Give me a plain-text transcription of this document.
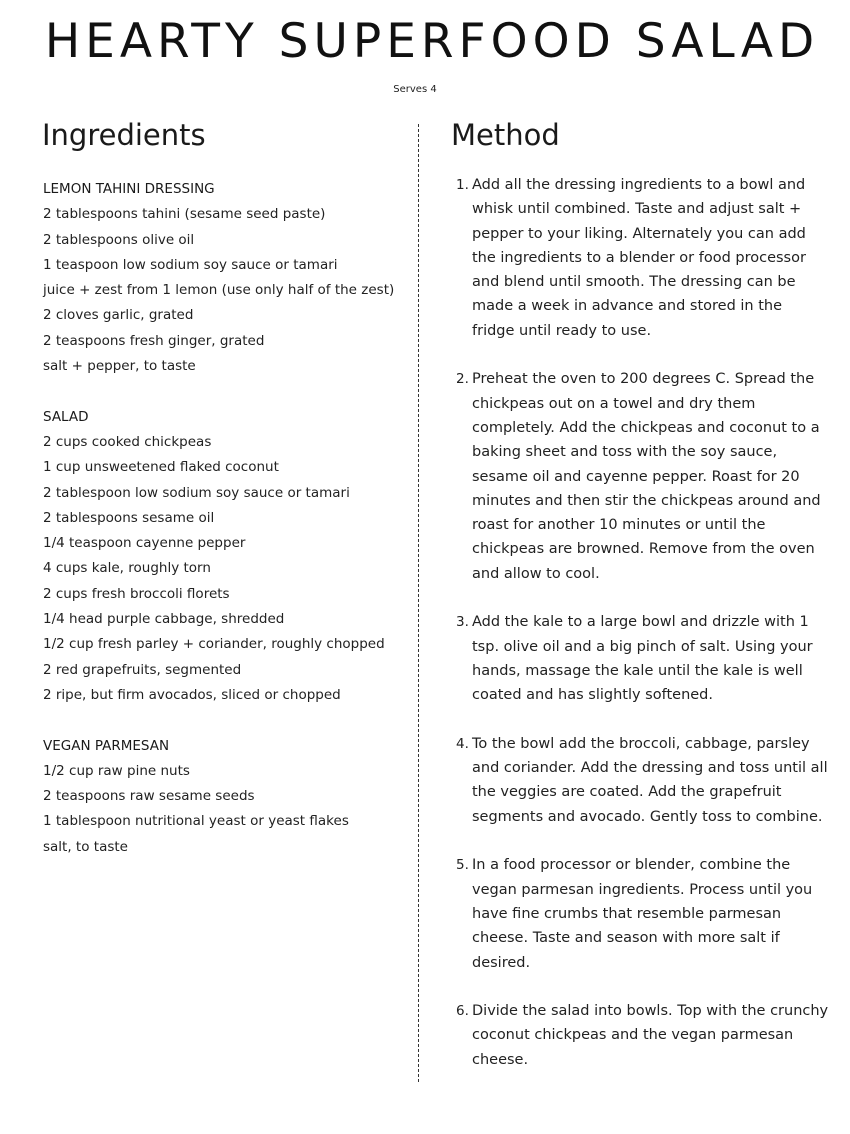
HEARTY SUPERFOOD SALAD
Serves 4
Ingredients	Method
LEMON TAHINI DRESSING
2 tablespoons tahini (sesame seed paste)
2 tablespoons olive oil
1 teaspoon low sodium soy sauce or tamari
juice + zest from 1 lemon (use only half of the zest)
2 cloves garlic, grated
2 teaspoons fresh ginger, grated
salt + pepper, to taste
SALAD
2 cups cooked chickpeas
1 cup unsweetened flaked coconut
2 tablespoon low sodium soy sauce or tamari
2 tablespoons sesame oil
1/4 teaspoon cayenne pepper
4 cups kale, roughly torn
2 cups fresh broccoli florets
1/4 head purple cabbage, shredded
1/2 cup fresh parley + coriander, roughly chopped
2 red grapefruits, segmented
2 ripe, but firm avocados, sliced or chopped
VEGAN PARMESAN
1/2 cup raw pine nuts
2 teaspoons raw sesame seeds
1 tablespoon nutritional yeast or yeast flakes
salt, to taste
1. Add all the dressing ingredients to a bowl and
whisk until combined. Taste and adjust salt +
pepper to your liking. Alternately you can add
the ingredients to a blender or food processor
and blend until smooth. The dressing can be
made a week in advance and stored in the
fridge until ready to use.
2. Preheat the oven to 200 degrees C. Spread the
chickpeas out on a towel and dry them
completely. Add the chickpeas and coconut to a
baking sheet and toss with the soy sauce,
sesame oil and cayenne pepper. Roast for 20
minutes and then stir the chickpeas around and
roast for another 10 minutes or until the
chickpeas are browned. Remove from the oven
and allow to cool.
3. Add the kale to a large bowl and drizzle with 1
tsp. olive oil and a big pinch of salt. Using your
hands, massage the kale until the kale is well
coated and has slightly softened.
4. To the bowl add the broccoli, cabbage, parsley
and coriander. Add the dressing and toss until all
the veggies are coated. Add the grapefruit
segments and avocado. Gently toss to combine.
5. In a food processor or blender, combine the
vegan parmesan ingredients. Process until you
have fine crumbs that resemble parmesan
cheese. Taste and season with more salt if
desired.
6. Divide the salad into bowls. Top with the crunchy
coconut chickpeas and the vegan parmesan
cheese.
